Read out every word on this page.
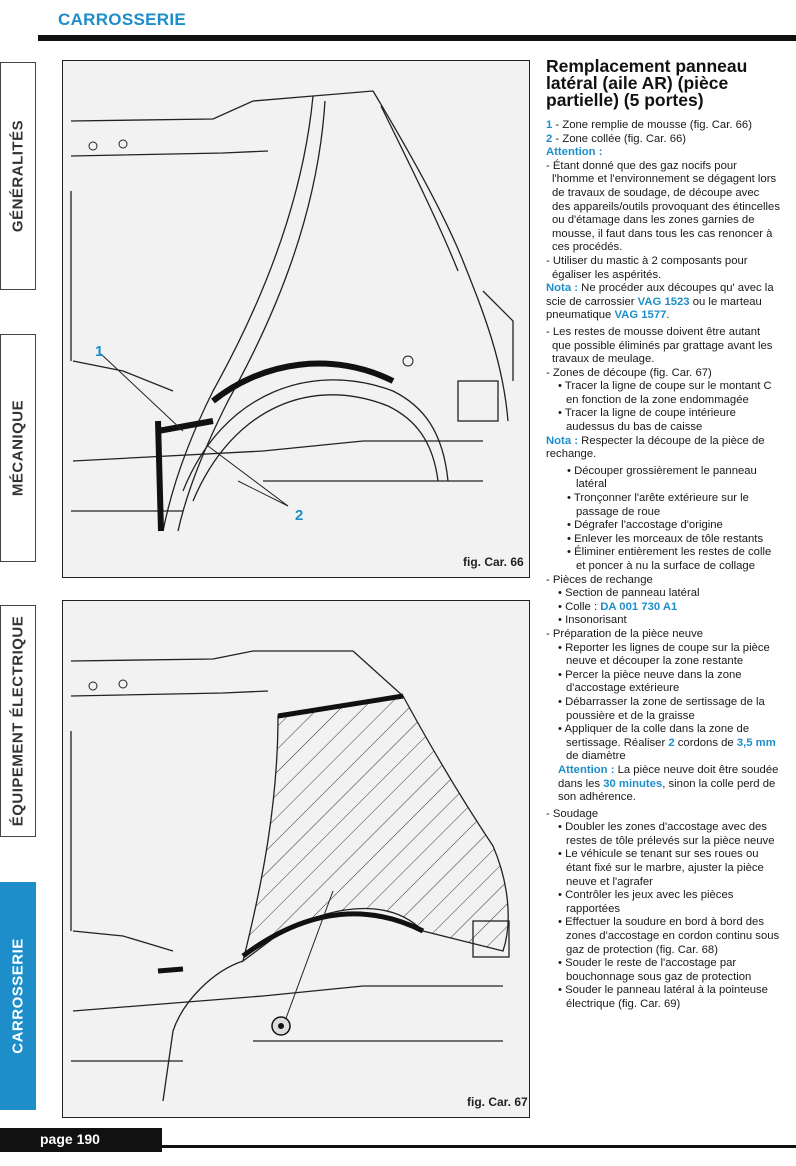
CARROSSERIE
GÉNÉRALITÉS
MÉCANIQUE
ÉQUIPEMENT ÉLECTRIQUE
CARROSSERIE
1
2
fig. Car. 66
fig. Car. 67
Remplacement panneau latéral (aile AR) (pièce partielle) (5 portes)

1 - Zone remplie de mousse (fig. Car. 66)

2 - Zone collée (fig. Car. 66)

Attention :

- Étant donné que des gaz nocifs pour l'homme et l'environnement se dégagent lors de travaux de soudage, de découpe avec des appareils/outils provoquant des étincelles ou d'étamage dans les zones garnies de mousse, il faut dans tous les cas renoncer à ces procédés.

- Utiliser du mastic à 2 composants pour égaliser les aspérités.

Nota : Ne procéder aux découpes qu' avec la scie de carrossier VAG 1523 ou le marteau pneumatique VAG 1577.

- Les restes de mousse doivent être autant que possible éliminés par grattage avant les travaux de meulage.

- Zones de découpe (fig. Car. 67)

• Tracer la ligne de coupe sur le montant C en fonction de la zone endommagée

• Tracer la ligne de coupe intérieure audessus du bas de caisse

Nota : Respecter la découpe de la pièce de rechange.

• Découper grossièrement le panneau latéral

• Tronçonner l'arête extérieure sur le passage de roue

• Dégrafer l'accostage d'origine

• Enlever les morceaux de tôle restants

• Éliminer entièrement les restes de colle et poncer à nu la surface de collage

- Pièces de rechange

• Section de panneau latéral

• Colle : DA 001 730 A1

• Insonorisant

- Préparation de la pièce neuve

• Reporter les lignes de coupe sur la pièce neuve et découper la zone restante

• Percer la pièce neuve dans la zone d'accostage extérieure

• Débarrasser la zone de sertissage de la poussière et de la graisse

• Appliquer de la colle dans la zone de sertissage. Réaliser 2 cordons de 3,5 mm de diamètre

Attention : La pièce neuve doit être soudée dans les 30 minutes, sinon la colle perd de son adhérence.

- Soudage

• Doubler les zones d'accostage avec des restes de tôle prélevés sur la pièce neuve

• Le véhicule se tenant sur ses roues ou étant fixé sur le marbre, ajuster la pièce neuve et l'agrafer

• Contrôler les jeux avec les pièces rapportées

• Effectuer la soudure en bord à bord des zones d'accostage en cordon continu sous gaz de protection (fig. Car. 68)

• Souder le reste de l'accostage par bouchonnage sous gaz de protection

• Souder le panneau latéral à la pointeuse électrique (fig. Car. 69)

page 190
